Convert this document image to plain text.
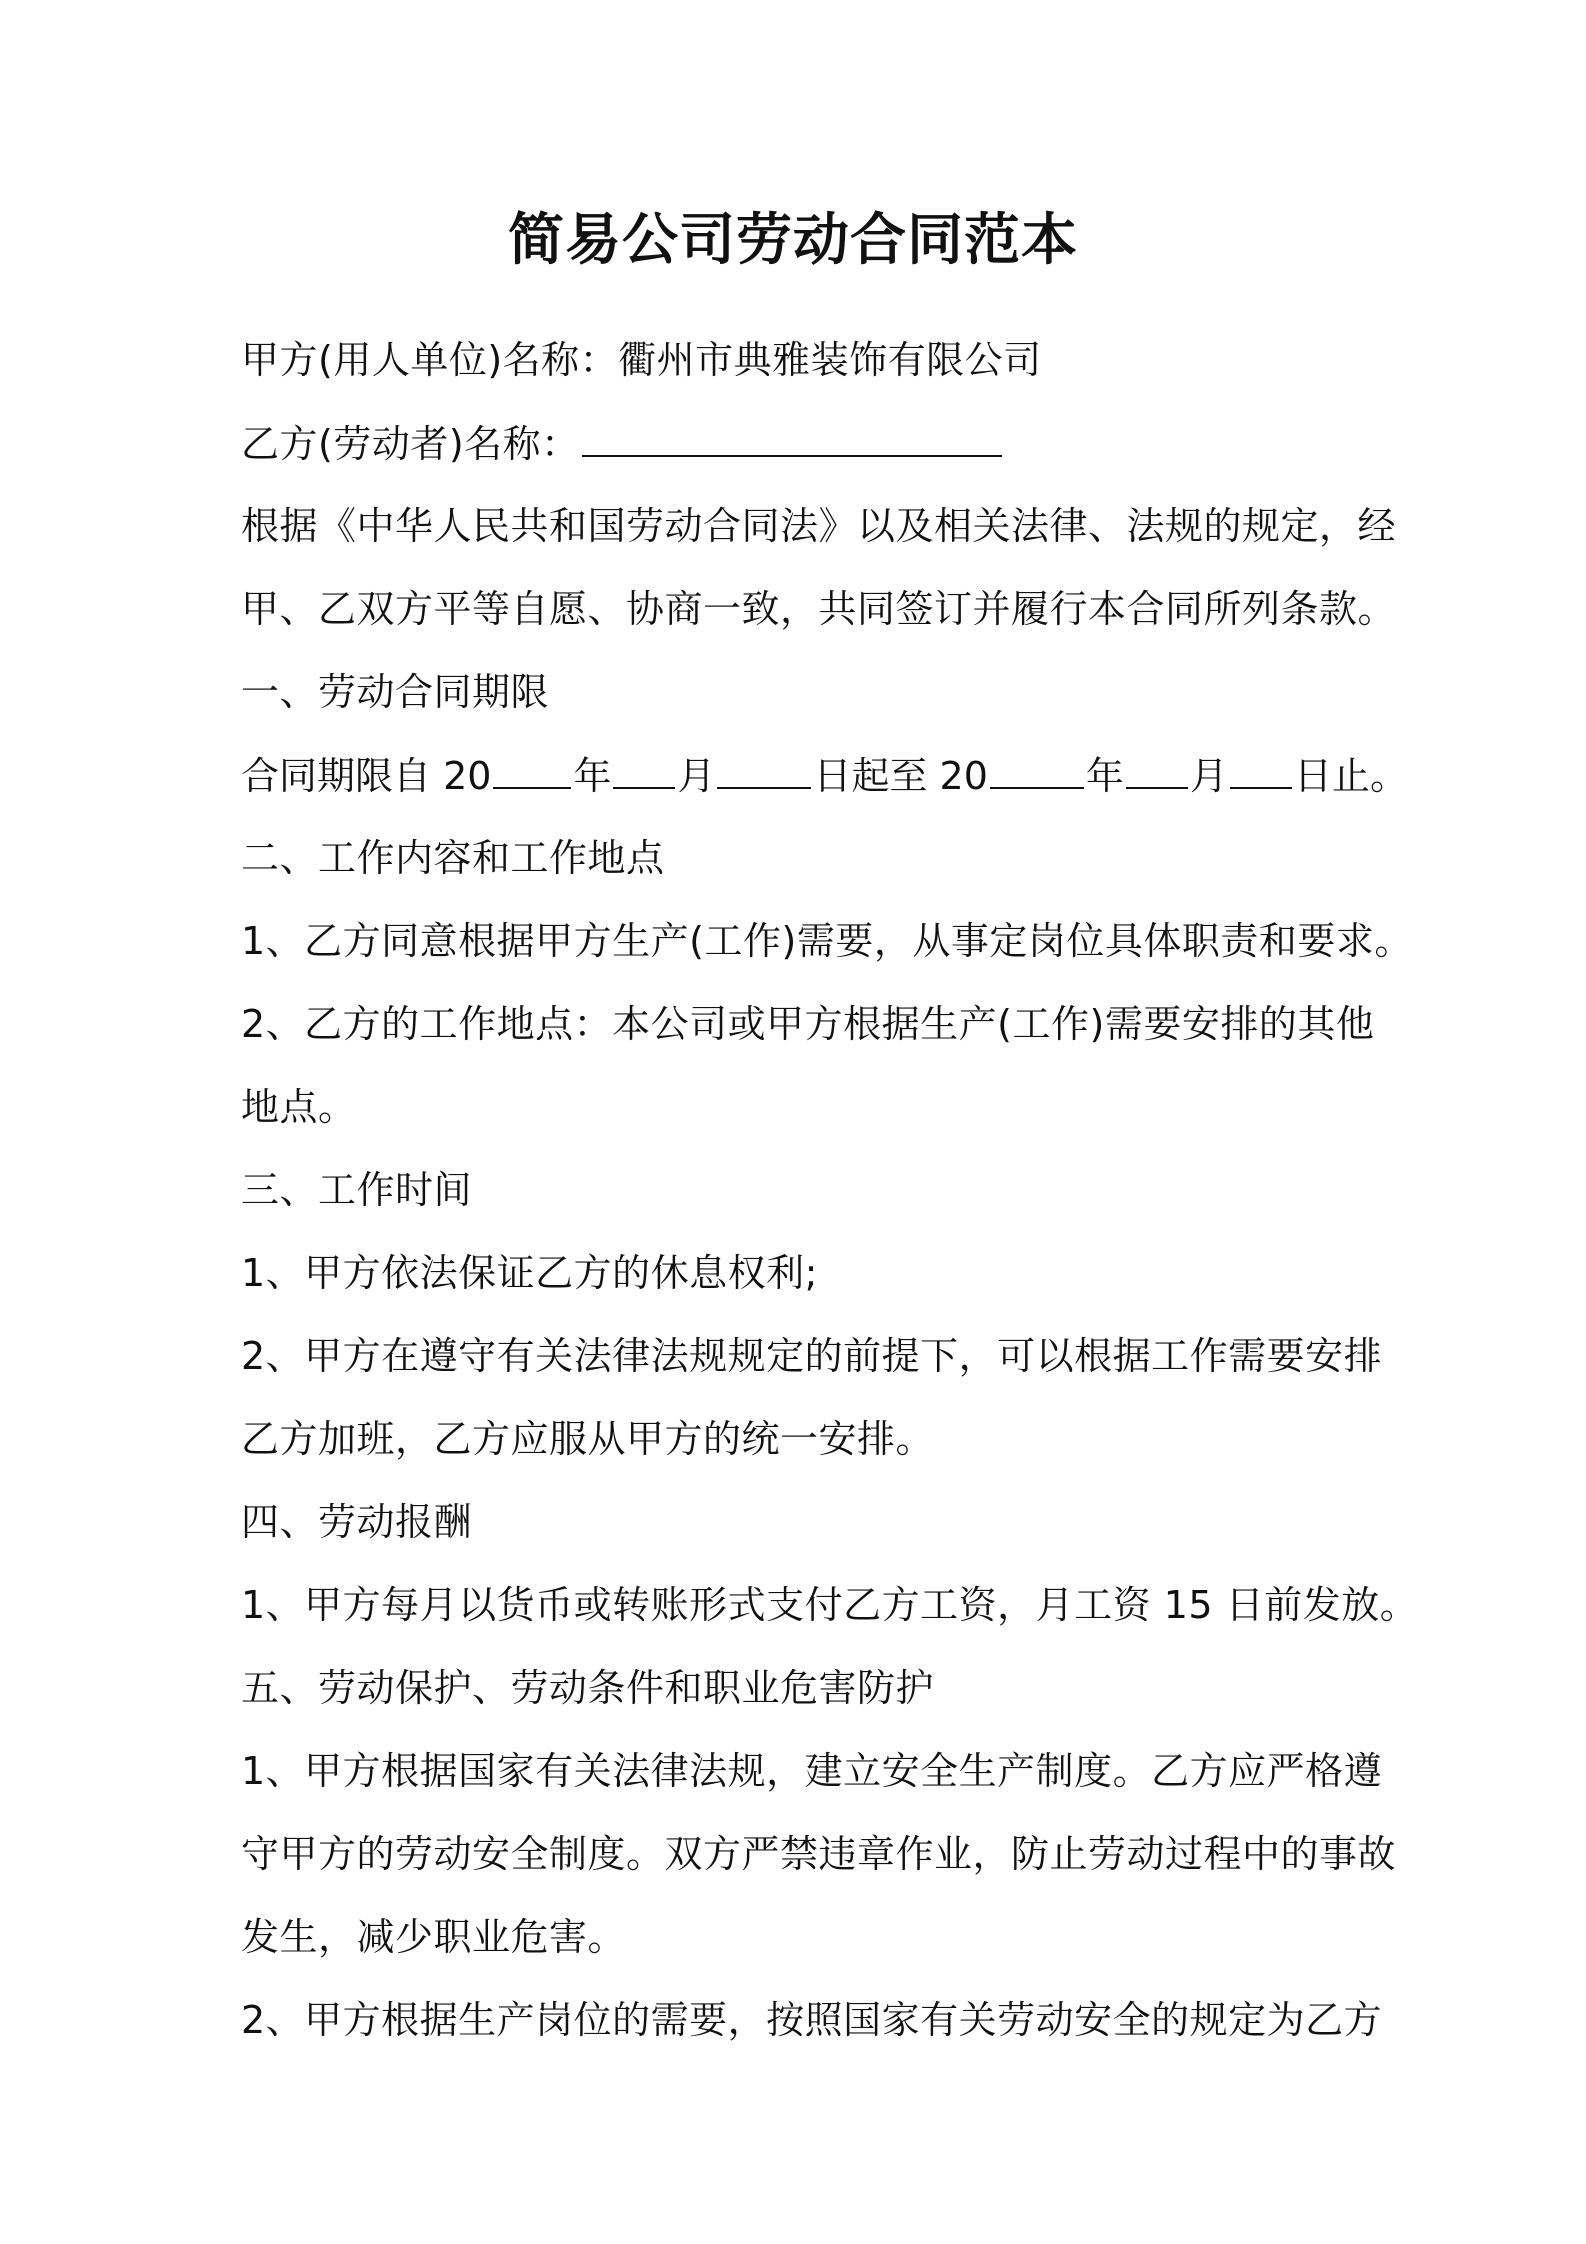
简易公司劳动合同范本
甲方(用人单位)名称：衢州市典雅装饰有限公司
乙方(劳动者)名称：
根据《中华人民共和国劳动合同法》以及相关法律、法规的规定，经
甲、乙双方平等自愿、协商一致，共同签订并履行本合同所列条款。
一、劳动合同期限
合同期限自 20 年 月	日起至 20	年 月 日止。
二、工作内容和工作地点
1、乙方同意根据甲方生产(工作)需要，从事定岗位具体职责和要求。
2、乙方的工作地点：本公司或甲方根据生产(工作)需要安排的其他
地点。
三、工作时间
1、甲方依法保证乙方的休息权利;
2、甲方在遵守有关法律法规规定的前提下，可以根据工作需要安排
乙方加班，乙方应服从甲方的统一安排。
四、劳动报酬
1、甲方每月以货币或转账形式支付乙方工资，月工资 15 日前发放。
五、劳动保护、劳动条件和职业危害防护
1、甲方根据国家有关法律法规，建立安全生产制度。乙方应严格遵
守甲方的劳动安全制度。双方严禁违章作业，防止劳动过程中的事故
发生，减少职业危害。
2、甲方根据生产岗位的需要，按照国家有关劳动安全的规定为乙方
